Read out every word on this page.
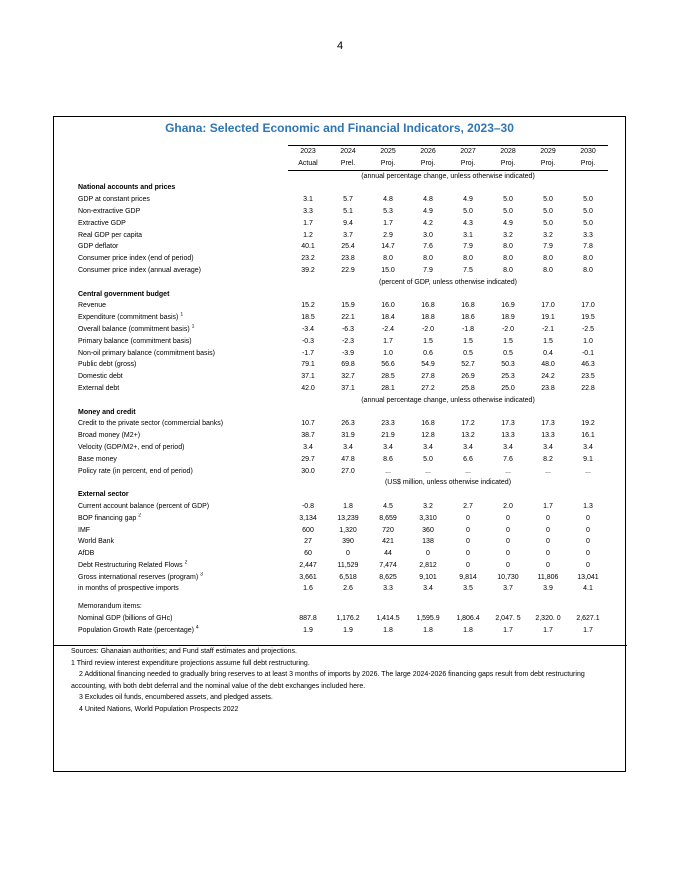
4
Ghana: Selected Economic and Financial Indicators, 2023–30
		2023	2024	2025	2026	2027	2028	2029	2030
		Actual	Prel.	Proj.	Proj.	Proj.	Proj.	Proj.	Proj.
		(annual percentage change, unless otherwise indicated)							
National accounts and prices									
GDP at constant prices		3.1	5.7	4.8	4.8	4.9	5.0	5.0	5.0
Non-extractive GDP		3.3	5.1	5.3	4.9	5.0	5.0	5.0	5.0
Extractive GDP		1.7	9.4	1.7	4.2	4.3	4.9	5.0	5.0
Real GDP per capita		1.2	3.7	2.9	3.0	3.1	3.2	3.2	3.3
GDP deflator		40.1	25.4	14.7	7.6	7.9	8.0	7.9	7.8
Consumer price index (end of period)		23.2	23.8	8.0	8.0	8.0	8.0	8.0	8.0
Consumer price index (annual average)		39.2	22.9	15.0	7.9	7.5	8.0	8.0	8.0
		(percent of GDP, unless otherwise indicated)							
Central government budget									
Revenue		15.2	15.9	16.0	16.8	16.8	16.9	17.0	17.0
Expenditure (commitment basis) $^1$		18.5	22.1	18.4	18.8	18.6	18.9	19.1	19.5
Overall balance (commitment basis) $^1$		-3.4	-6.3	-2.4	-2.0	-1.8	-2.0	-2.1	-2.5
Primary balance (commitment basis)		-0.3	-2.3	1.7	1.5	1.5	1.5	1.5	1.0
Non-oil primary balance (commitment basis)		-1.7	-3.9	1.0	0.6	0.5	0.5	0.4	-0.1
Public debt (gross)		79.1	69.8	56.6	54.9	52.7	50.3	48.0	46.3
Domestic debt		37.1	32.7	28.5	27.8	26.9	25.3	24.2	23.5
External debt		42.0	37.1	28.1	27.2	25.8	25.0	23.8	22.8
		(annual percentage change, unless otherwise indicated)							
Money and credit									
Credit to the private sector (commercial banks)		10.7	26.3	23.3	16.8	17.2	17.3	17.3	19.2
Broad money (M2+)		38.7	31.9	21.9	12.8	13.2	13.3	13.3	16.1
Velocity (GDP/M2+, end of period)		3.4	3.4	3.4	3.4	3.4	3.4	3.4	3.4
Base money		29.7	47.8	8.6	5.0	6.6	7.6	8.2	9.1
Policy rate (in percent, end of period)		30.0	27.0	...	...	...	...	...	...
		(US$ million, unless otherwise indicated)							
External sector									
Current account balance (percent of GDP)		-0.8	1.8	4.5	3.2	2.7	2.0	1.7	1.3
BOP financing gap $^2$		3,134	13,239	8,659	3,310	0	0	0	0
IMF		600	1,320	720	360	0	0	0	0
World Bank		27	390	421	138	0	0	0	0
AfDB		60	0	44	0	0	0	0	0
Debt Restructuring Related Flows $^2$		2,447	11,529	7,474	2,812	0	0	0	0
Gross international reserves (program) $^3$		3,661	6,518	8,625	9,101	9,814	10,730	11,806	13,041
in months of prospective imports		1.6	2.6	3.3	3.4	3.5	3.7	3.9	4.1

Memorandum items:									
Nominal GDP (billions of GHc)		887.8	1,176.2	1,414.5	1,595.9	1,806.4	2,047. 5	2,320. 0	2,627.1
Population Growth Rate (percentage) $^4$		1.9	1.9	1.8	1.8	1.8	1.7	1.7	1.7
Sources: Ghanaian authorities; and Fund staff estimates and projections.

1 Third review interest expenditure projections assume full debt restructuring.

2 Additional financing needed to gradually bring reserves to at least 3 months of imports by 2026. The large 2024-2026 financing gaps result from debt restructuring accounting, with both debt deferral and the nominal value of the debt exchanges included here.

3 Excludes oil funds, encumbered assets, and pledged assets.

4 United Nations, World Population Prospects 2022
